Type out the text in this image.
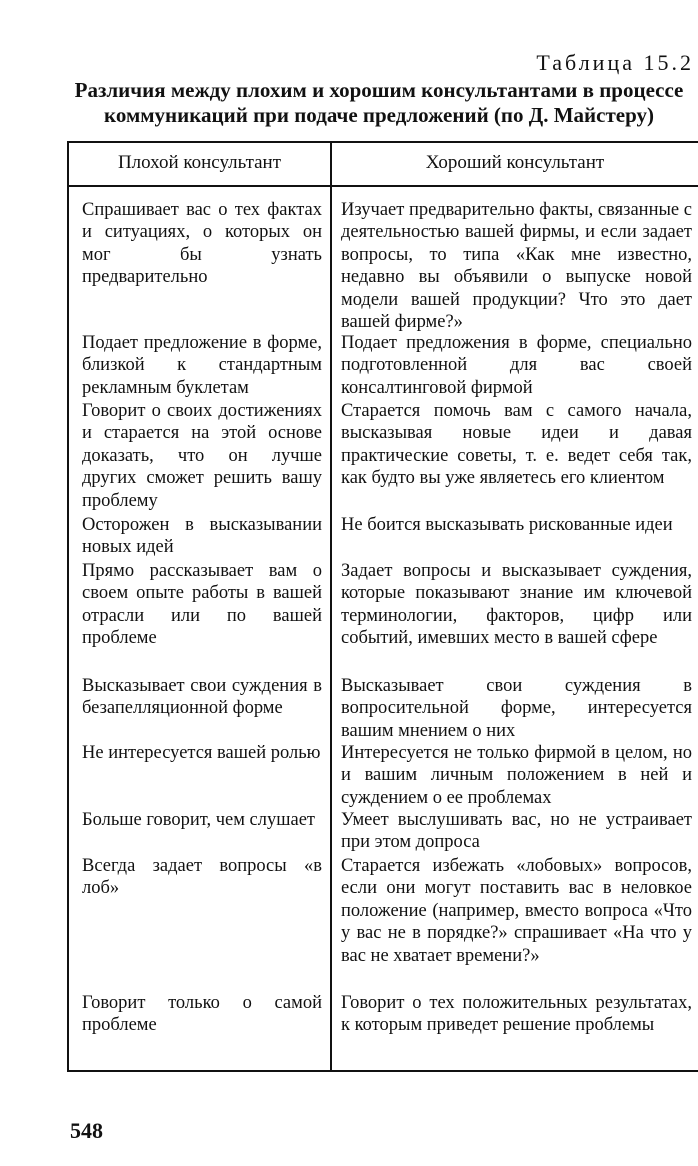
Таблица 15.2
Различия между плохим и хорошим консультантами в процессе коммуникаций при подаче предложений (по Д. Майстеру)
Плохой консультант	Хороший консультант
Спрашивает вас о тех фактах и ситуациях, о которых он мог бы узнать предварительно
Изучает предварительно факты, связанные с деятельностью вашей фирмы, и если задает вопросы, то типа «Как мне известно, недавно вы объявили о выпуске новой модели вашей продукции? Что это дает вашей фирме?»
Подает предложение в форме, близкой к стандартным рекламным буклетам
Подает предложения в форме, специально подготовленной для вас своей консалтинговой фирмой
Говорит о своих достижениях и старается на этой основе доказать, что он лучше других сможет решить вашу проблему
Старается помочь вам с самого начала, высказывая новые идеи и давая практические советы, т. е. ведет себя так, как будто вы уже являетесь его клиентом
Осторожен в высказывании новых идей
Не боится высказывать рискованные идеи
Прямо рассказывает вам о своем опыте работы в вашей отрасли или по вашей проблеме
Задает вопросы и высказывает суждения, которые показывают знание им ключевой терминологии, факторов, цифр или событий, имевших место в вашей сфере
Высказывает свои суждения в безапелляционной форме
Высказывает свои суждения в вопросительной форме, интересуется вашим мнением о них
Не интересуется вашей ролью Интересуется не только фирмой в целом, но и вашим личным положением в ней и суждением о ее проблемах
Больше говорит, чем слушает	Умеет выслушивать вас, но не устраивает при этом допроса
Всегда задает вопросы «в лоб»
Старается избежать «лобовых» вопросов, если они могут поставить вас в неловкое положение (например, вместо вопроса «Что у вас не в порядке?» спрашивает «На что у вас не хватает времени?»
Говорит только о самой проблеме
Говорит о тех положительных результатах, к которым приведет решение проблемы
548
